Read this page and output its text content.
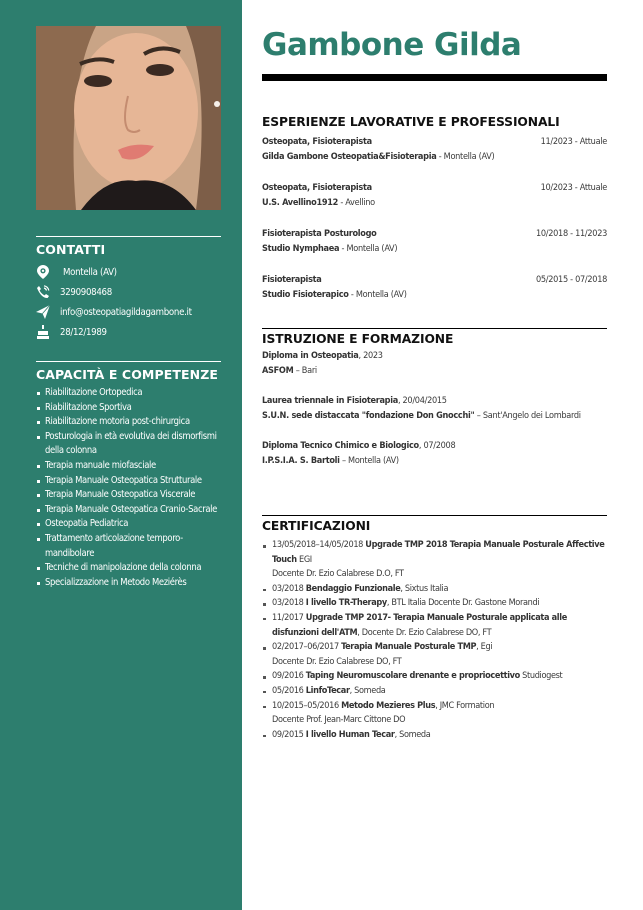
CONTATTI
Montella (AV)
3290908468
info@osteopatiagildagambone.it
28/12/1989
CAPACITÀ E COMPETENZE
Riabilitazione Ortopedica
Riabilitazione Sportiva
Riabilitazione motoria post-chirurgica
Posturologia in età evolutiva dei dismorfismi della colonna
Terapia manuale miofasciale
Terapia Manuale Osteopatica Strutturale
Terapia Manuale Osteopatica Viscerale
Terapia Manuale Osteopatica Cranio-Sacrale
Osteopatia Pediatrica
Trattamento articolazione temporo-mandibolare
Tecniche di manipolazione della colonna
Specializzazione in Metodo Meziérès
Gambone Gilda
ESPERIENZE LAVORATIVE E PROFESSIONALI
Osteopata, Fisioterapista	11/2023 - Attuale
Gilda Gambone Osteopatia&Fisioterapia - Montella (AV)
Osteopata, Fisioterapista	10/2023 - Attuale
U.S. Avellino1912 - Avellino
Fisioterapista Posturologo	10/2018 - 11/2023
Studio Nymphaea - Montella (AV)
Fisioterapista	05/2015 - 07/2018
Studio Fisioterapico - Montella (AV)
ISTRUZIONE E FORMAZIONE
Diploma in Osteopatia, 2023
ASFOM – Bari
Laurea triennale in Fisioterapia, 20/04/2015
S.U.N. sede distaccata "fondazione Don Gnocchi" – Sant'Angelo dei Lombardi
Diploma Tecnico Chimico e Biologico, 07/2008
I.P.S.I.A. S. Bartoli – Montella (AV)
CERTIFICAZIONI
13/05/2018–14/05/2018 Upgrade TMP 2018 Terapia Manuale Posturale Affective Touch EGI
Docente Dr. Ezio Calabrese D.O, FT
03/2018 Bendaggio Funzionale, Sixtus Italia
03/2018 I livello TR-Therapy, BTL Italia Docente Dr. Gastone Morandi
11/2017 Upgrade TMP 2017- Terapia Manuale Posturale applicata alle disfunzioni dell'ATM, Docente Dr. Ezio Calabrese DO, FT
02/2017–06/2017 Terapia Manuale Posturale TMP, Egi
Docente Dr. Ezio Calabrese DO, FT
09/2016 Taping Neuromuscolare drenante e propriocettivo Studiogest
05/2016 LinfoTecar, Someda
10/2015–05/2016 Metodo Mezieres Plus, JMC Formation
Docente Prof. Jean-Marc Cittone DO
09/2015 I livello Human Tecar, Someda
